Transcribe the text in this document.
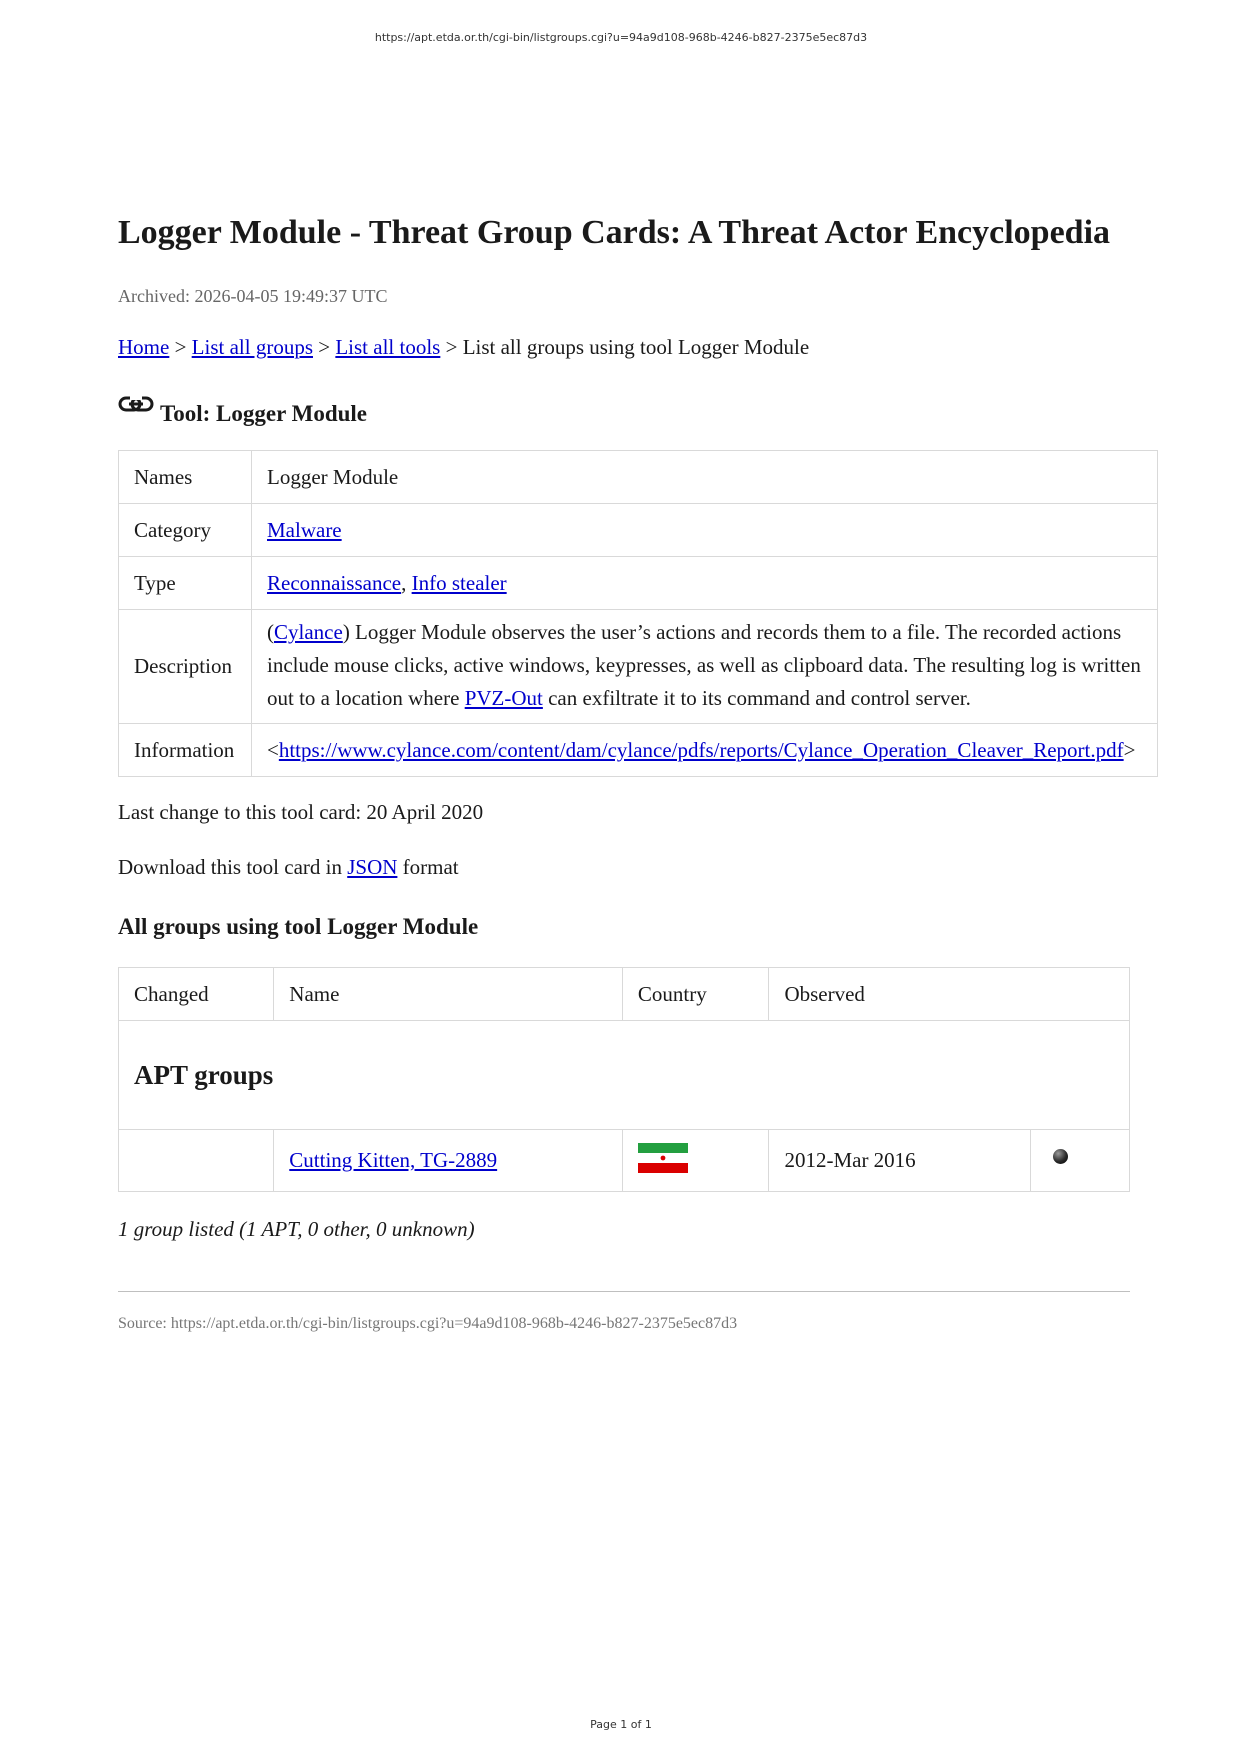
https://apt.etda.or.th/cgi-bin/listgroups.cgi?u=94a9d108-968b-4246-b827-2375e5ec87d3
Logger Module - Threat Group Cards: A Threat Actor Encyclopedia
Archived: 2026-04-05 19:49:37 UTC
Home > List all groups > List all tools > List all groups using tool Logger Module
Tool: Logger Module
Names	Logger Module
Category	Malware
Type	Reconnaissance, Info stealer
Description	(Cylance) Logger Module observes the user’s actions and records them to a file. The recorded actions include mouse clicks, active windows, keypresses, as well as clipboard data. The resulting log is written out to a location where PVZ-Out can exfiltrate it to its command and control server.
Information	<https://www.cylance.com/content/dam/cylance/pdfs/reports/Cylance_Operation_Cleaver_Report.pdf>
Last change to this tool card: 20 April 2020
Download this tool card in JSON format
All groups using tool Logger Module
Changed	Name	Country	Observed	
APT groups				
	Cutting Kitten, TG-2889		2012-Mar 2016	
1 group listed (1 APT, 0 other, 0 unknown)
Source: https://apt.etda.or.th/cgi-bin/listgroups.cgi?u=94a9d108-968b-4246-b827-2375e5ec87d3
Page 1 of 1
